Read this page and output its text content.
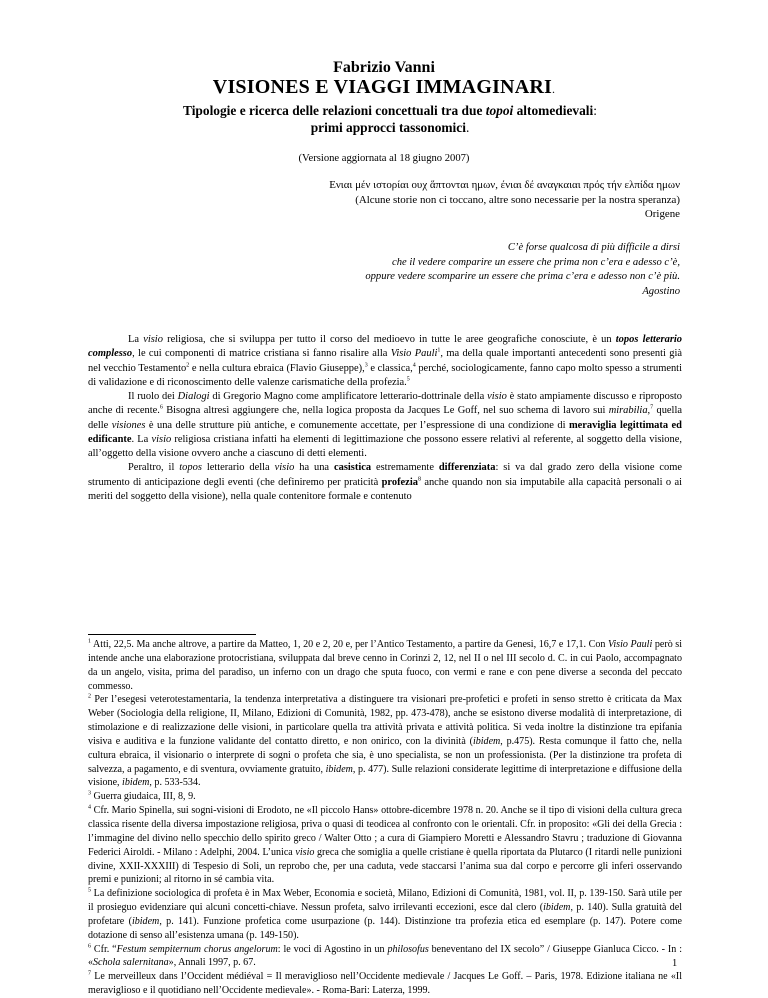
Fabrizio Vanni
VISIONES E VIAGGI IMMAGINARI.
Tipologie e ricerca delle relazioni concettuali tra due topoi altomedievali:
primi approcci tassonomici.
(Versione aggiornata al 18 giugno 2007)
Ενιαι μέν ιστορίαι ουχ ἅπτονται ημων, ένιαι δέ αναγκαιαι πρός τήν ελπίδα ημων
(Alcune storie non ci toccano, altre sono necessarie per la nostra speranza)
Origene
C’è forse qualcosa di più difficile a dirsi
che il vedere comparire un essere che prima non c’era e adesso c’è,
oppure vedere scomparire un essere che prima c’era e adesso non c’è più.
Agostino

La visio religiosa, che si sviluppa per tutto il corso del medioevo in tutte le aree geografiche conosciute, è un topos letterario complesso, le cui componenti di matrice cristiana si fanno risalire alla Visio Pauli$^1$, ma della quale importanti antecedenti sono presenti già nel vecchio Testamento$^2$ e nella cultura ebraica (Flavio Giuseppe),$^3$ e classica,$^4$ perché, sociologicamente, fanno capo molto spesso a strumenti di validazione e di riconoscimento delle valenze carismatiche della profezia.$^5$

Il ruolo dei Dialogi di Gregorio Magno come amplificatore letterario-dottrinale della visio è stato ampiamente discusso e riproposto anche di recente.$^6$ Bisogna altresì aggiungere che, nella logica proposta da Jacques Le Goff, nel suo schema di lavoro sui mirabilia,$^7$ quella delle visiones è una delle strutture più antiche, e comunemente accettate, per l’espressione di una condizione di meraviglia legittimata ed edificante. La visio religiosa cristiana infatti ha elementi di legittimazione che possono essere relativi al referente, al soggetto della visione, all’oggetto della visione ovvero anche a ciascuno di detti elementi.

Peraltro, il topos letterario della visio ha una casistica estremamente differenziata: si va dal grado zero della visione come strumento di anticipazione degli eventi (che definiremo per praticità profezia$^8$ anche quando non sia imputabile alla capacità personali o ai meriti del soggetto della visione), nella quale contenitore formale e contenuto

$^1$ Atti, 22,5. Ma anche altrove, a partire da Matteo, 1, 20 e 2, 20 e, per l’Antico Testamento, a partire da Genesi, 16,7 e 17,1. Con Visio Pauli però si intende anche una elaborazione protocristiana, sviluppata dal breve cenno in Corinzi 2, 12, nel II o nel III secolo d. C. in cui Paolo, accompagnato da un angelo, visita, prima del paradiso, un inferno con un drago che sputa fuoco, con vermi e rane e con pene diverse a seconda del peccato commesso.

$^2$ Per l’esegesi veterotestamentaria, la tendenza interpretativa a distinguere tra visionari pre-profetici e profeti in senso stretto è criticata da Max Weber (Sociologia della religione, II, Milano, Edizioni di Comunità, 1982, pp. 473-478), anche se esistono diverse modalità di interpretazione, di stimolazione e di realizzazione delle visioni, in particolare quella tra attività privata e attività politica. Si veda inoltre la distinzione tra epifania visiva e auditiva e la funzione validante del contatto diretto, e non onirico, con la divinità (ibidem, p.475). Resta comunque il fatto che, nella cultura ebraica, il visionario o interprete di sogni o profeta che sia, è uno specialista, se non un professionista. (Per la distinzione tra profeta di salvezza, a pagamento, e di sventura, ovviamente gratuito, ibidem, p. 477). Sulle relazioni considerate legittime di interpretazione e diffusione della visione, ibidem, p. 533-534.

$^3$ Guerra giudaica, III, 8, 9.

$^4$ Cfr. Mario Spinella, sui sogni-visioni di Erodoto, ne «Il piccolo Hans» ottobre-dicembre 1978 n. 20. Anche se il tipo di visioni della cultura greca classica risente della diversa impostazione religiosa, priva o quasi di teodicea al confronto con le orientali. Cfr. in proposito: «Gli dei della Grecia : l’immagine del divino nello specchio dello spirito greco / Walter Otto ; a cura di Giampiero Moretti e Alessandro Stavru ; traduzione di Giovanna Federici Airoldi. - Milano : Adelphi, 2004. L’unica visio greca che somiglia a quelle cristiane è quella riportata da Plutarco (I ritardi nelle punizioni divine, XXII-XXXIII) di Tespesio di Soli, un reprobo che, per una caduta, vede staccarsi l’anima sua dal corpo e percorre gli inferi osservando premi e punizioni; al ritorno in sé cambia vita.

$^5$ La definizione sociologica di profeta è in Max Weber, Economia e società, Milano, Edizioni di Comunità, 1981, vol. II, p. 139-150. Sarà utile per il prosieguo evidenziare qui alcuni concetti-chiave. Nessun profeta, salvo irrilevanti eccezioni, esce dal clero (ibidem, p. 140). Sulla gratuità del profetare (ibidem, p. 141). Funzione profetica come usurpazione (p. 144). Distinzione tra profezia etica ed esemplare (p. 147). Potere come dotazione di senso all’esistenza umana (p. 149-150).

$^6$ Cfr. “Festum sempiternum chorus angelorum: le voci di Agostino in un philosofus beneventano del IX secolo” / Giuseppe Gianluca Cicco. - In : «Schola salernitana», Annali 1997, p. 67.

$^7$ Le merveilleux dans l’Occident médiéval = Il meraviglioso nell’Occidente medievale / Jacques Le Goff. – Paris, 1978. Edizione italiana ne «Il meraviglioso e il quotidiano nell’Occidente medievale». - Roma-Bari: Laterza, 1999.

1
